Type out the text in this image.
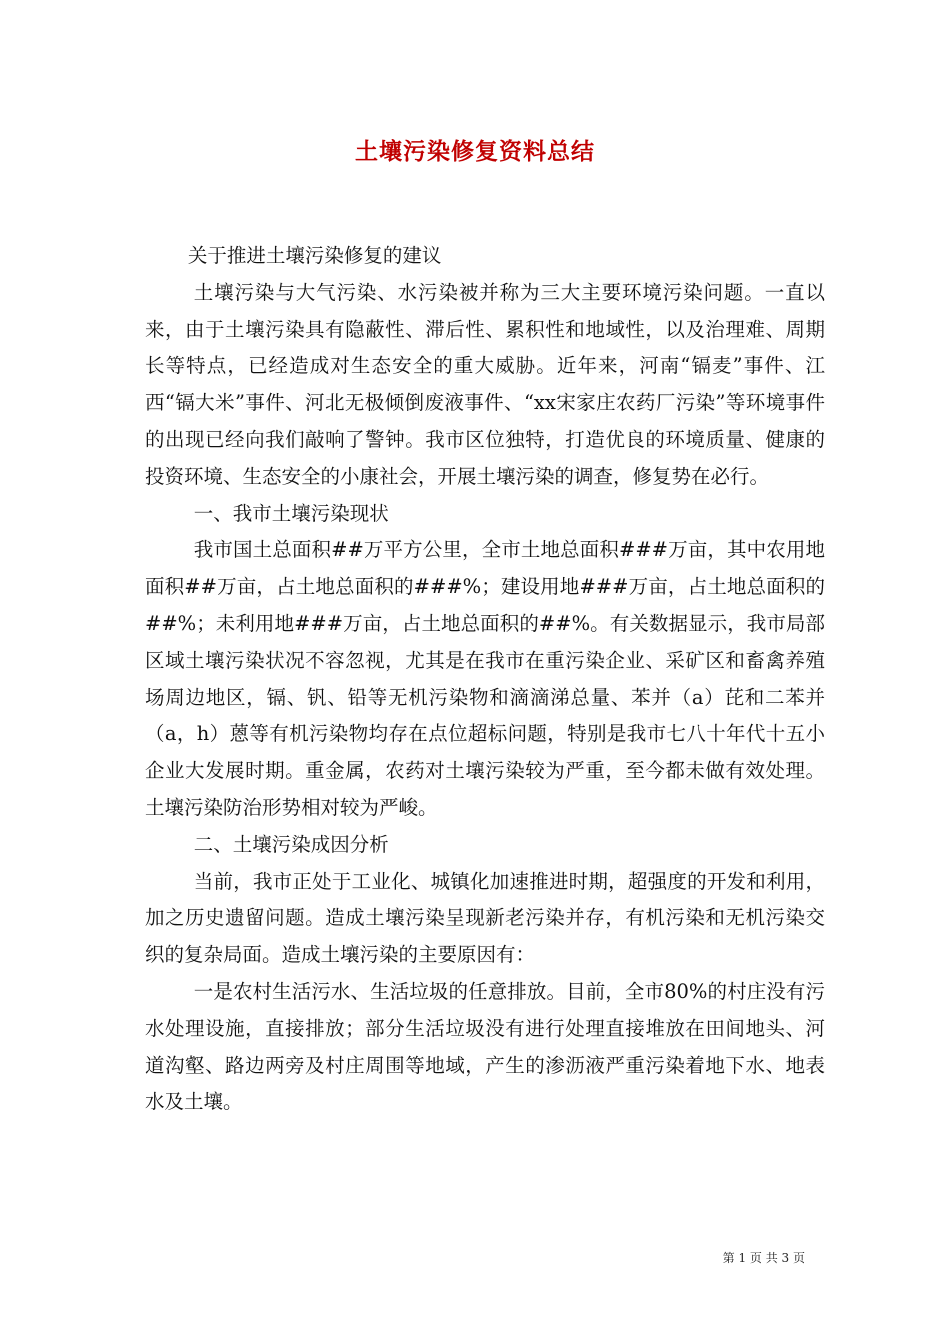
土壤污染修复资料总结

关于推进土壤污染修复的建议

土壤污染与大气污染、水污染被并称为三大主要环境污染问题。一直以来，由于土壤污染具有隐蔽性、滞后性、累积性和地域性，以及治理难、周期长等特点，已经造成对生态安全的重大威胁。近年来，河南“镉麦”事件、江西“镉大米”事件、河北无极倾倒废液事件、“xx宋家庄农药厂污染”等环境事件的出现已经向我们敲响了警钟。我市区位独特，打造优良的环境质量、健康的投资环境、生态安全的小康社会，开展土壤污染的调查，修复势在必行。

一、我市土壤污染现状

我市国土总面积##万平方公里，全市土地总面积###万亩，其中农用地面积##万亩，占土地总面积的###%；建设用地###万亩，占土地总面积的##%；未利用地###万亩，占土地总面积的##%。有关数据显示，我市局部区域土壤污染状况不容忽视，尤其是在我市在重污染企业、采矿区和畜禽养殖场周边地区，镉、钒、铅等无机污染物和滴滴涕总量、苯并（a）芘和二苯并（a，h）蒽等有机污染物均存在点位超标问题，特别是我市七八十年代十五小企业大发展时期。重金属，农药对土壤污染较为严重，至今都未做有效处理。土壤污染防治形势相对较为严峻。

二、土壤污染成因分析

当前，我市正处于工业化、城镇化加速推进时期，超强度的开发和利用，加之历史遗留问题。造成土壤污染呈现新老污染并存，有机污染和无机污染交织的复杂局面。造成土壤污染的主要原因有：

一是农村生活污水、生活垃圾的任意排放。目前，全市80%的村庄没有污水处理设施，直接排放；部分生活垃圾没有进行处理直接堆放在田间地头、河道沟壑、路边两旁及村庄周围等地域，产生的渗沥液严重污染着地下水、地表水及土壤。

第 1 页 共 3 页
